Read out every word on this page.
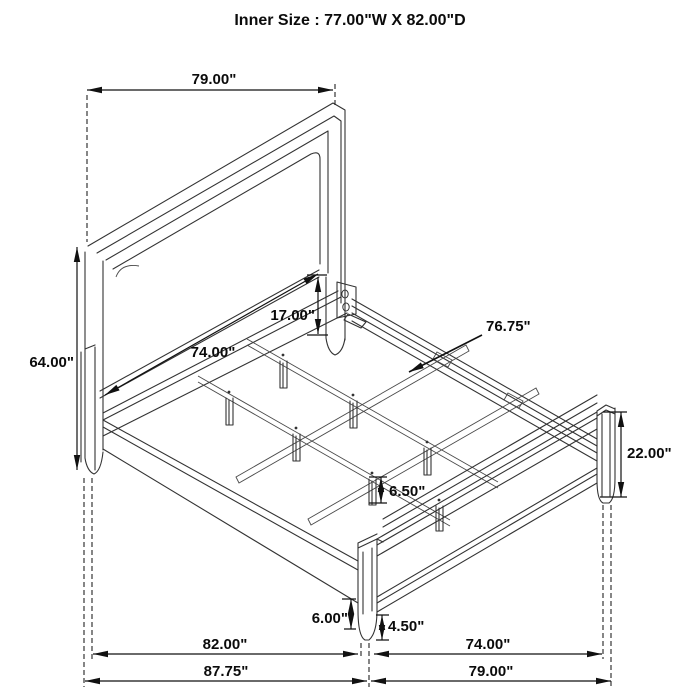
Inner Size : 77.00"W X 82.00"D
79.00"
64.00"
74.00"
17.00"
76.75"
22.00"
6.50"
6.00"	4.50"
82.00"	74.00"
87.75"	79.00"
